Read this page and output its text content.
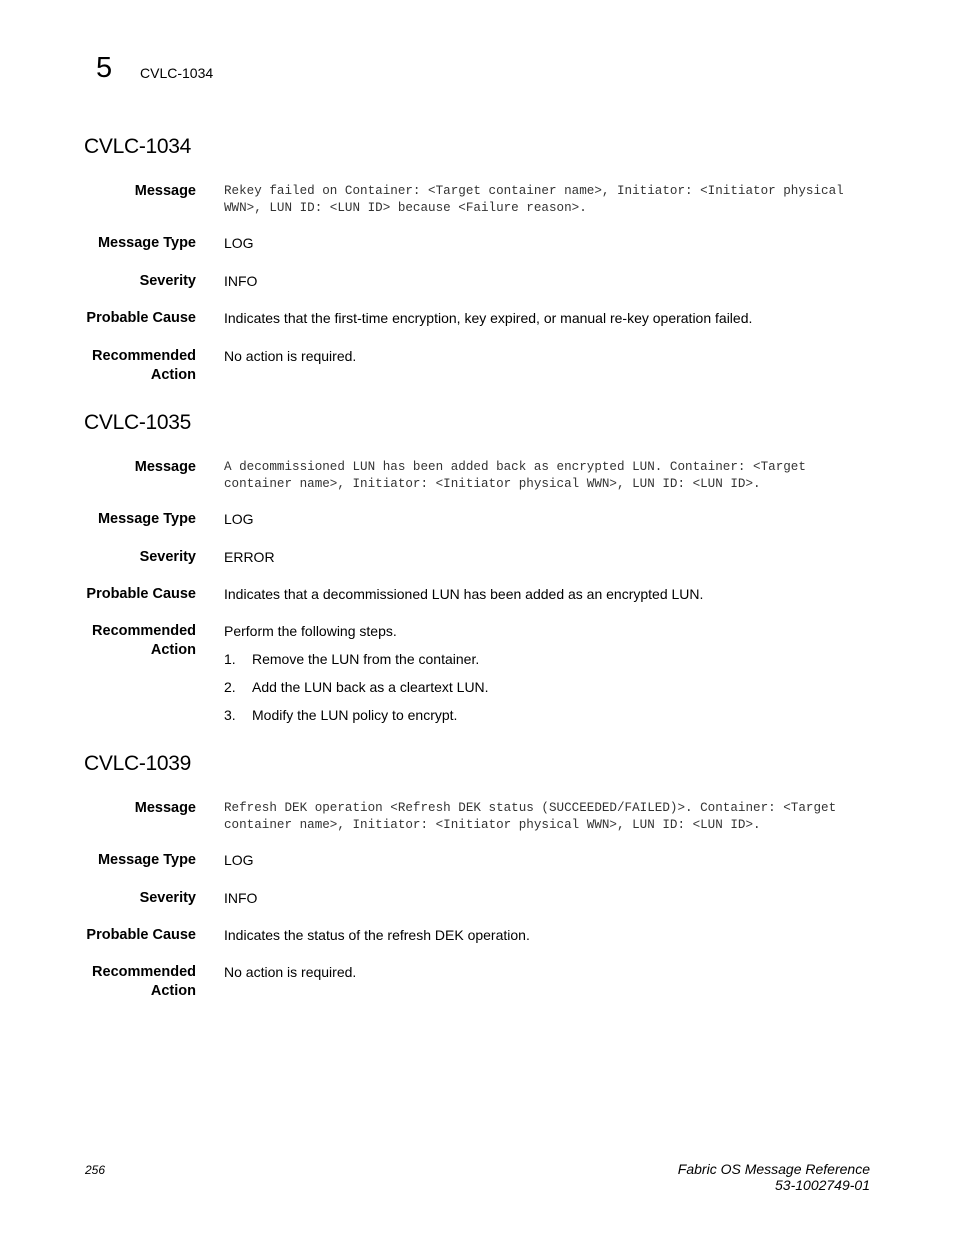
5 CVLC-1034
CVLC-1034
Message Rekey failed on Container: <Target container name>, Initiator: <Initiator physical WWN>, LUN ID: <LUN ID> because <Failure reason>.
Message Type LOG
Severity INFO
Probable Cause Indicates that the first-time encryption, key expired, or manual re-key operation failed.
Recommended
Action
No action is required.
CVLC-1035
Message A decommissioned LUN has been added back as encrypted LUN. Container: <Target container name>, Initiator: <Initiator physical WWN>, LUN ID: <LUN ID>.
Message Type LOG
Severity ERROR
Probable Cause Indicates that a decommissioned LUN has been added as an encrypted LUN.
Recommended
Action
Perform the following steps.
1. Remove the LUN from the container.
2. Add the LUN back as a cleartext LUN.
3. Modify the LUN policy to encrypt.
CVLC-1039
Message Refresh DEK operation <Refresh DEK status (SUCCEEDED/FAILED)>. Container: <Target container name>, Initiator: <Initiator physical WWN>, LUN ID: <LUN ID>.
Message Type LOG
Severity INFO
Probable Cause Indicates the status of the refresh DEK operation.
Recommended
Action
No action is required.
256	Fabric OS Message Reference
53-1002749-01
